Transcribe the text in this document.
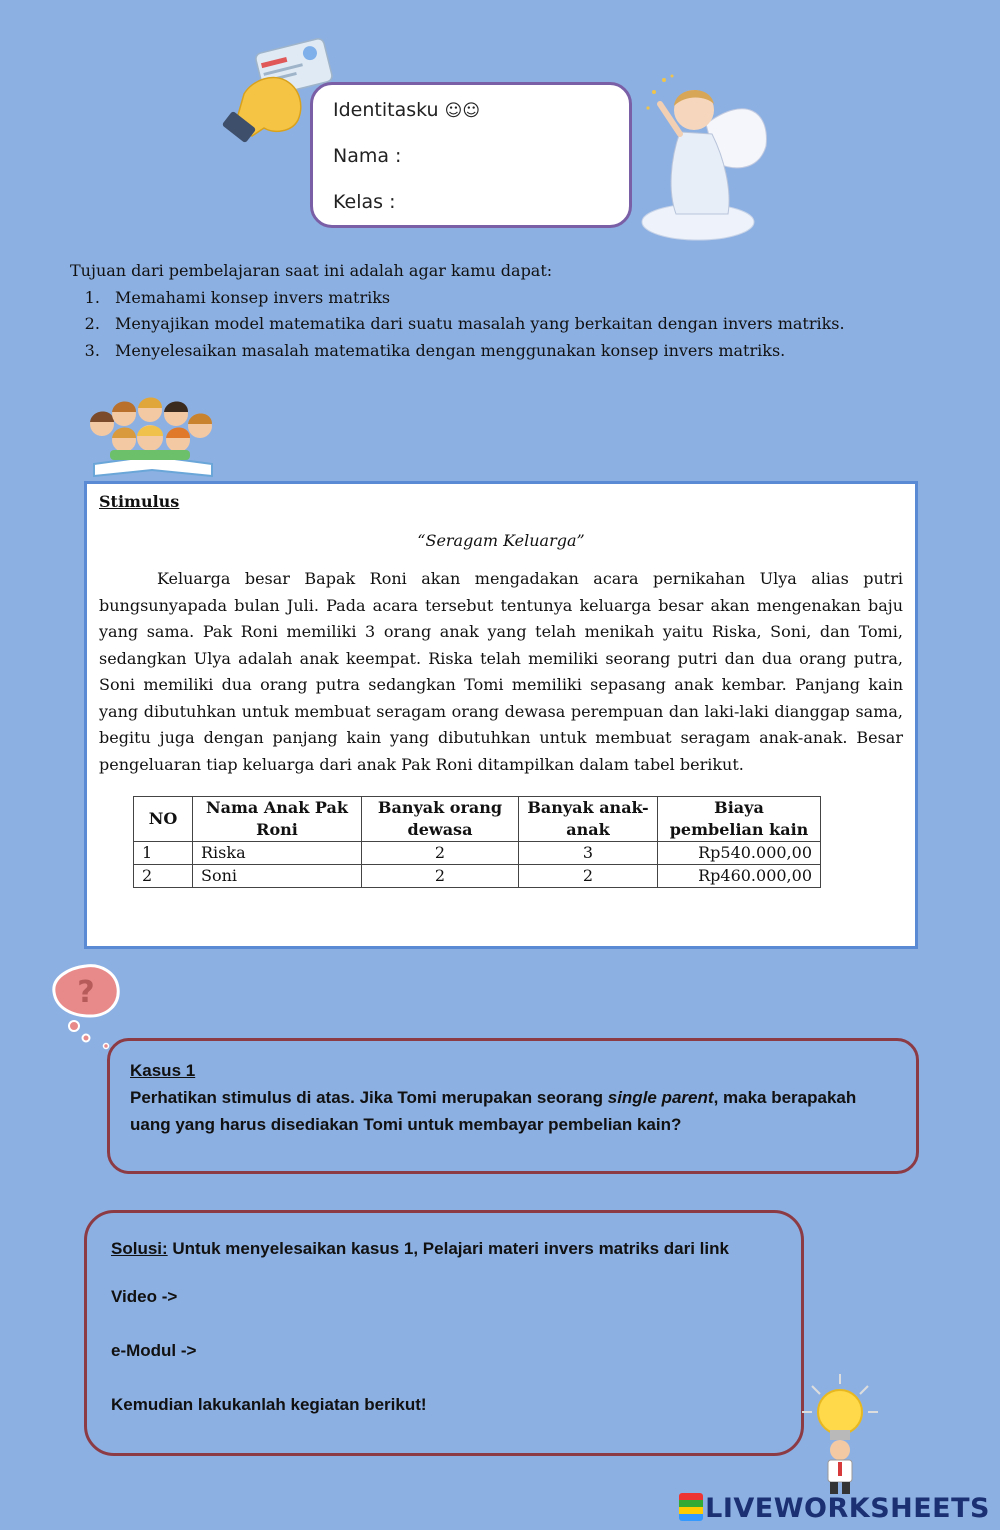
Identitasku ☺☺
Nama :
Kelas :
Tujuan dari pembelajaran saat ini adalah agar kamu dapat:
1. Memahami konsep invers matriks
2. Menyajikan model matematika dari suatu masalah yang berkaitan dengan invers matriks.
3. Menyelesaikan masalah matematika dengan menggunakan konsep invers matriks.
Stimulus
“Seragam Keluarga”
Keluarga besar Bapak Roni akan mengadakan acara pernikahan Ulya alias putri bungsunyapada bulan Juli. Pada acara tersebut tentunya keluarga besar akan mengenakan baju yang sama. Pak Roni memiliki 3 orang anak yang telah menikah yaitu Riska, Soni, dan Tomi, sedangkan Ulya adalah anak keempat. Riska telah memiliki seorang putri dan dua orang putra, Soni memiliki dua orang putra sedangkan Tomi memiliki sepasang anak kembar. Panjang kain yang dibutuhkan untuk membuat seragam orang dewasa perempuan dan laki-laki dianggap sama, begitu juga dengan panjang kain yang dibutuhkan untuk membuat seragam anak-anak. Besar pengeluaran tiap keluarga dari anak Pak Roni ditampilkan dalam tabel berikut.
NO	Nama Anak Pak Roni	Banyak orang dewasa	Banyak anak-anak	Biaya pembelian kain
1	Riska	2	3	Rp540.000,00
2	Soni	2	2	Rp460.000,00
?
Kasus 1
Perhatikan stimulus di atas. Jika Tomi merupakan seorang single parent, maka berapakah uang yang harus disediakan Tomi untuk membayar pembelian kain?
Solusi: Untuk menyelesaikan kasus 1, Pelajari materi invers matriks dari link
Video ->
e-Modul ->
Kemudian lakukanlah kegiatan berikut!
LIVEWORKSHEETS
